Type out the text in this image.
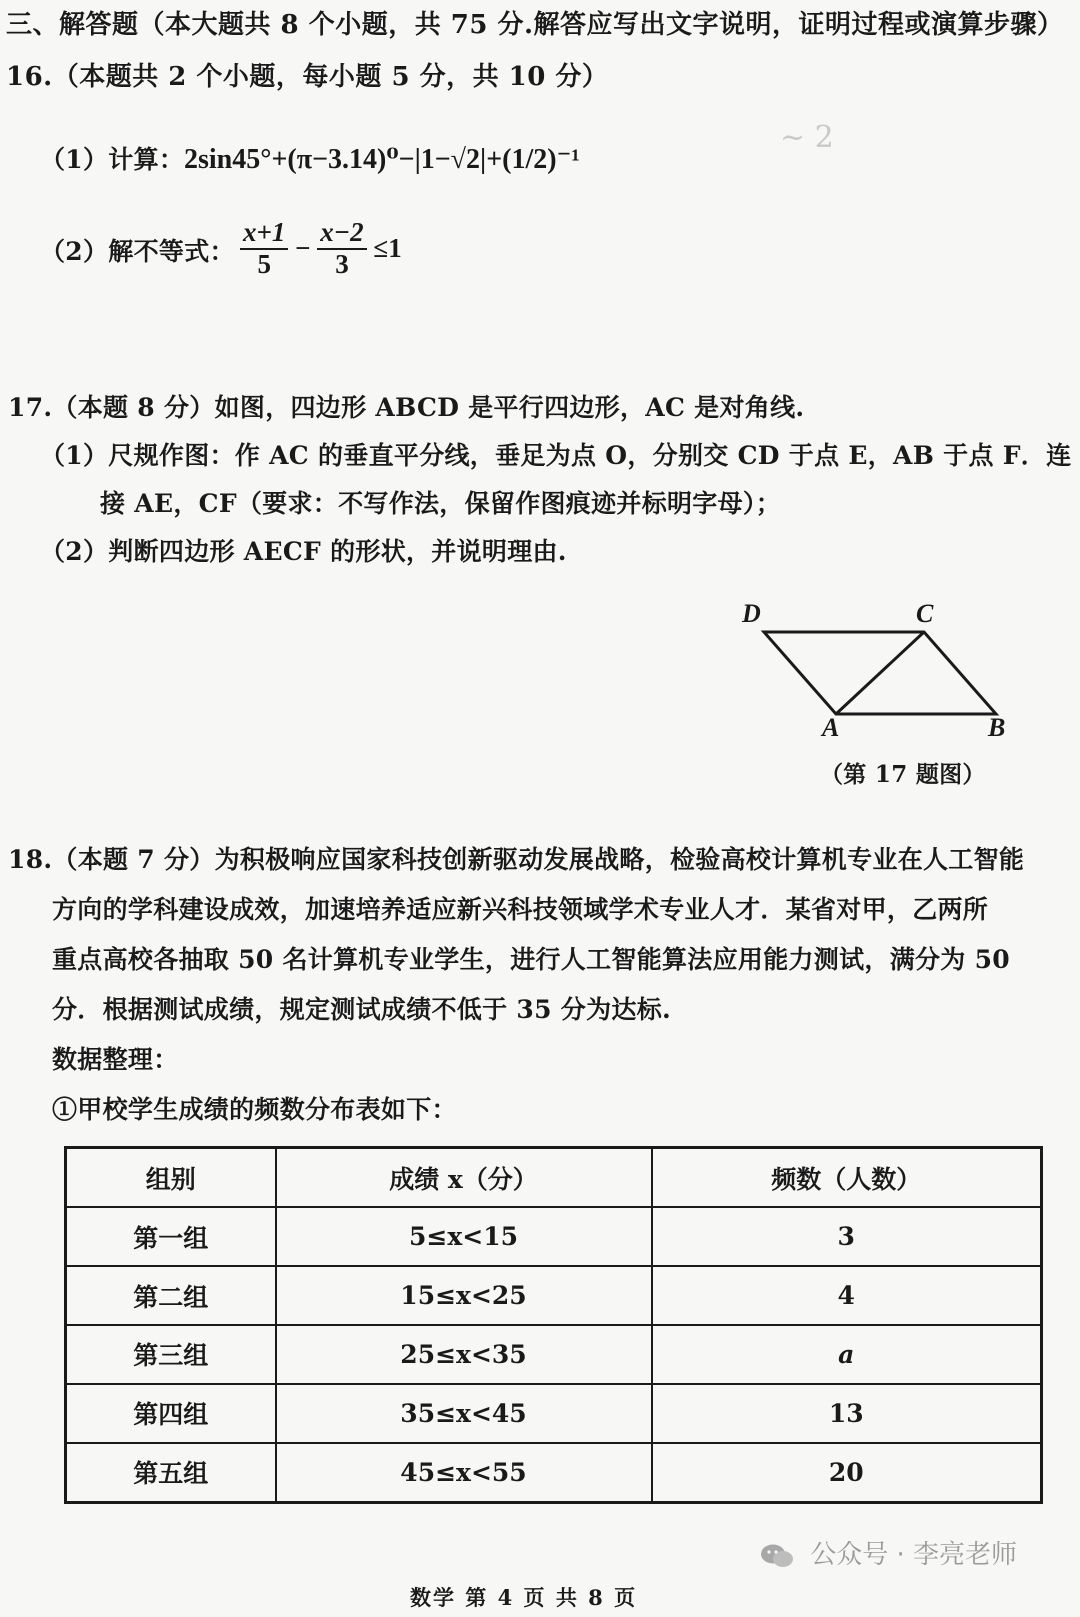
三、解答题（本大题共 8 个小题，共 75 分.解答应写出文字说明，证明过程或演算步骤）
16.（本题共 2 个小题，每小题 5 分，共 10 分）
（1）计算： 2sin45°+(π−3.14)⁰−|1−√2|+(1/2)⁻¹
（2）解不等式： $\frac{x+1}{5} - \frac{x-2}{3} \le 1$
~ 2
17.（本题 8 分）如图，四边形 ABCD 是平行四边形，AC 是对角线.
（1）尺规作图：作 AC 的垂直平分线，垂足为点 O，分别交 CD 于点 E，AB 于点 F．连
接 AE，CF（要求：不写作法，保留作图痕迹并标明字母）；
（2）判断四边形 AECF 的形状，并说明理由.
D	C
A	B
（第 17 题图）
18.（本题 7 分）为积极响应国家科技创新驱动发展战略，检验高校计算机专业在人工智能
方向的学科建设成效，加速培养适应新兴科技领域学术专业人才．某省对甲，乙两所
重点高校各抽取 50 名计算机专业学生，进行人工智能算法应用能力测试，满分为 50
分．根据测试成绩，规定测试成绩不低于 35 分为达标.
数据整理：
①甲校学生成绩的频数分布表如下：
组别	成绩 x（分）	频数（人数）
第一组	5≤x<15	3
第二组	15≤x<25	4
第三组	25≤x<35	a
第四组	35≤x<45	13
第五组	45≤x<55	20
公众号 · 李亮老师
数学 第 4 页 共 8 页
